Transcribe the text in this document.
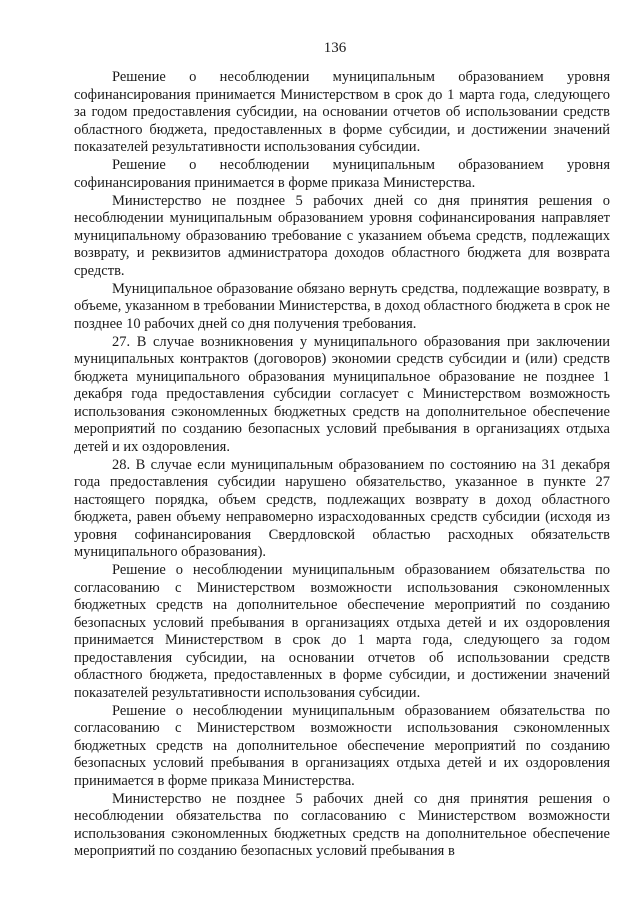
136

Решение о несоблюдении муниципальным образованием уровня софинансирования принимается Министерством в срок до 1 марта года, следующего за годом предоставления субсидии, на основании отчетов об использовании средств областного бюджета, предоставленных в форме субсидии, и достижении значений показателей результативности использования субсидии.

Решение о несоблюдении муниципальным образованием уровня софинансирования принимается в форме приказа Министерства.

Министерство не позднее 5 рабочих дней со дня принятия решения о несоблюдении муниципальным образованием уровня софинансирования направляет муниципальному образованию требование с указанием объема средств, подлежащих возврату, и реквизитов администратора доходов областного бюджета для возврата средств.

Муниципальное образование обязано вернуть средства, подлежащие возврату, в объеме, указанном в требовании Министерства, в доход областного бюджета в срок не позднее 10 рабочих дней со дня получения требования.

27. В случае возникновения у муниципального образования при заключении муниципальных контрактов (договоров) экономии средств субсидии и (или) средств бюджета муниципального образования муниципальное образование не позднее 1 декабря года предоставления субсидии согласует с Министерством возможность использования сэкономленных бюджетных средств на дополнительное обеспечение мероприятий по созданию безопасных условий пребывания в организациях отдыха детей и их оздоровления.

28. В случае если муниципальным образованием по состоянию на 31 декабря года предоставления субсидии нарушено обязательство, указанное в пункте 27 настоящего порядка, объем средств, подлежащих возврату в доход областного бюджета, равен объему неправомерно израсходованных средств субсидии (исходя из уровня софинансирования Свердловской областью расходных обязательств муниципального образования).

Решение о несоблюдении муниципальным образованием обязательства по согласованию с Министерством возможности использования сэкономленных бюджетных средств на дополнительное обеспечение мероприятий по созданию безопасных условий пребывания в организациях отдыха детей и их оздоровления принимается Министерством в срок до 1 марта года, следующего за годом предоставления субсидии, на основании отчетов об использовании средств областного бюджета, предоставленных в форме субсидии, и достижении значений показателей результативности использования субсидии.

Решение о несоблюдении муниципальным образованием обязательства по согласованию с Министерством возможности использования сэкономленных бюджетных средств на дополнительное обеспечение мероприятий по созданию безопасных условий пребывания в организациях отдыха детей и их оздоровления принимается в форме приказа Министерства.

Министерство не позднее 5 рабочих дней со дня принятия решения о несоблюдении обязательства по согласованию с Министерством возможности использования сэкономленных бюджетных средств на дополнительное обеспечение мероприятий по созданию безопасных условий пребывания в
